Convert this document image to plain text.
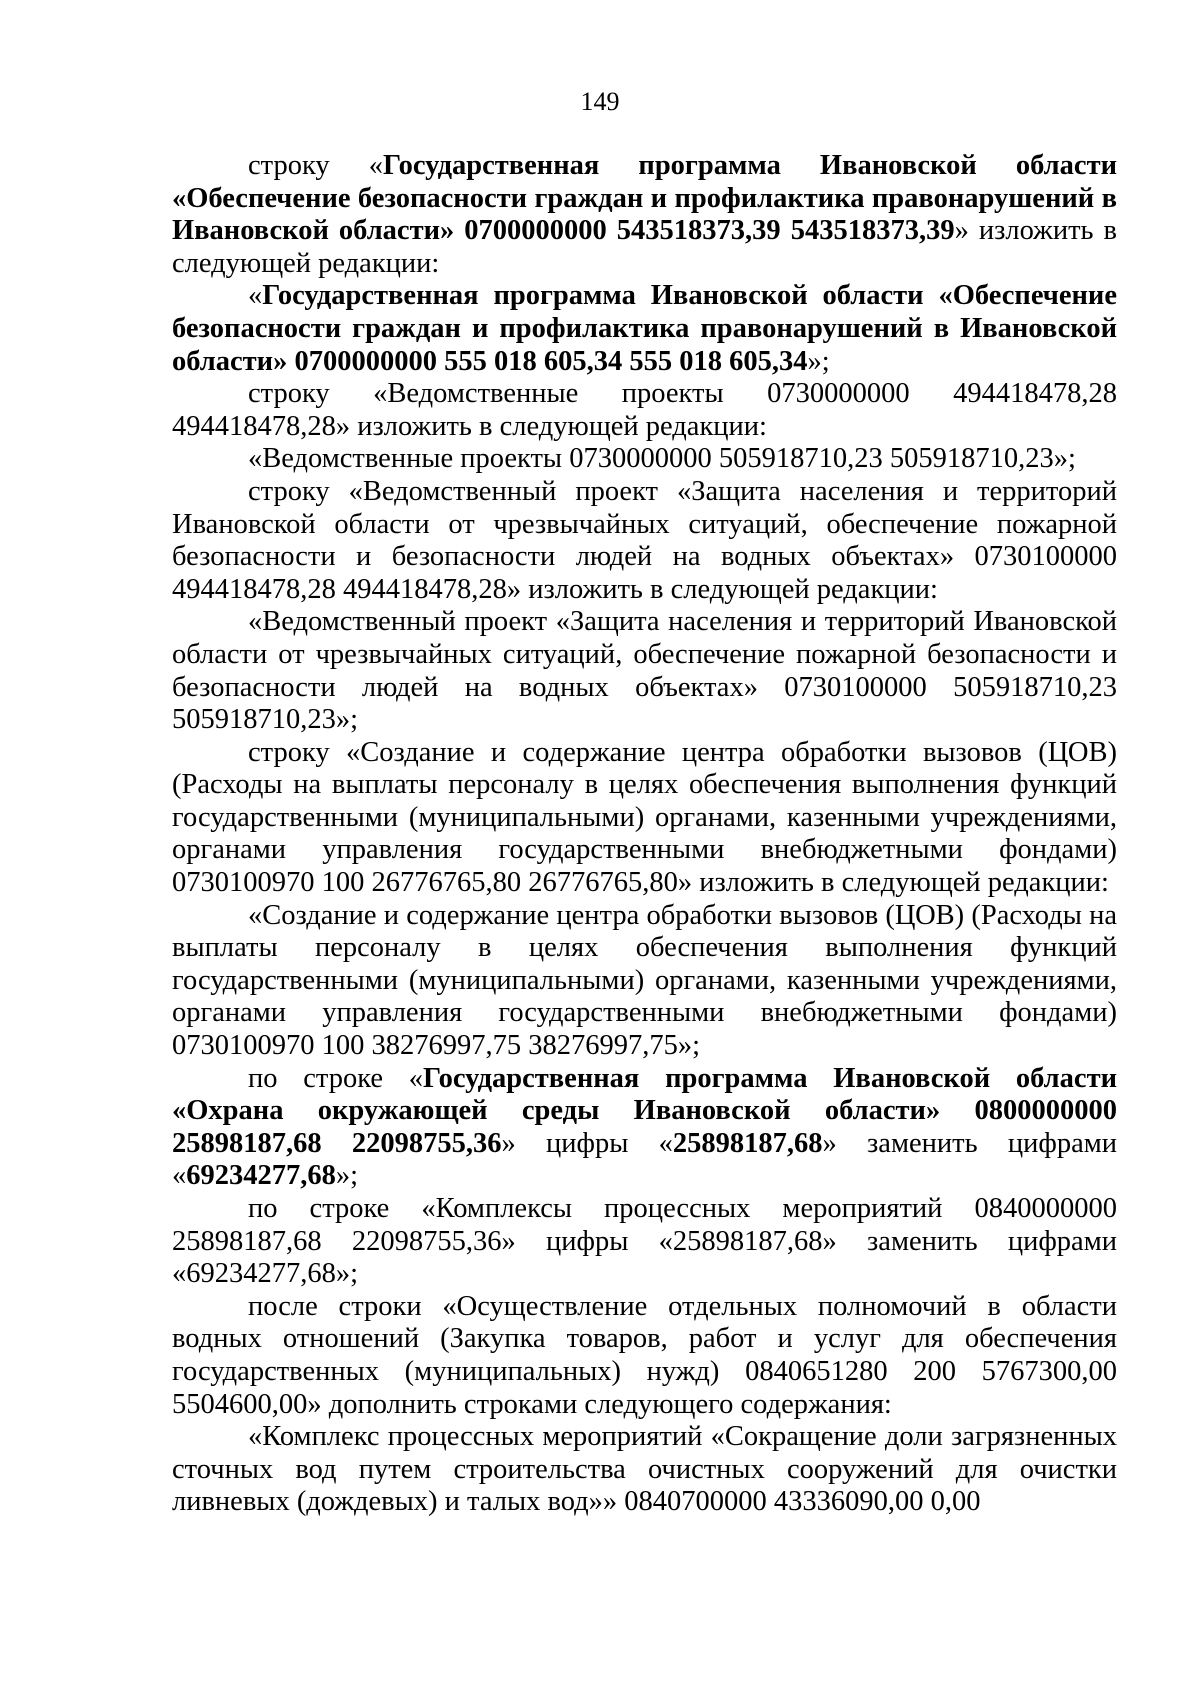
149

строку «Государственная программа Ивановской области «Обеспечение безопасности граждан и профилактика правонарушений в Ивановской области» 0700000000 543518373,39 543518373,39» изложить в следующей редакции:

«Государственная программа Ивановской области «Обеспечение безопасности граждан и профилактика правонарушений в Ивановской области» 0700000000 555 018 605,34 555 018 605,34»;

строку «Ведомственные проекты 0730000000 494418478,28 494418478,28» изложить в следующей редакции:

«Ведомственные проекты 0730000000 505918710,23 505918710,23»;

строку «Ведомственный проект «Защита населения и территорий Ивановской области от чрезвычайных ситуаций, обеспечение пожарной безопасности и безопасности людей на водных объектах» 0730100000 494418478,28 494418478,28» изложить в следующей редакции:

«Ведомственный проект «Защита населения и территорий Ивановской области от чрезвычайных ситуаций, обеспечение пожарной безопасности и безопасности людей на водных объектах» 0730100000 505918710,23 505918710,23»;

строку «Создание и содержание центра обработки вызовов (ЦОВ) (Расходы на выплаты персоналу в целях обеспечения выполнения функций государственными (муниципальными) органами, казенными учреждениями, органами управления государственными внебюджетными фондами) 0730100970 100 26776765,80 26776765,80» изложить в следующей редакции:

«Создание и содержание центра обработки вызовов (ЦОВ) (Расходы на выплаты персоналу в целях обеспечения выполнения функций государственными (муниципальными) органами, казенными учреждениями, органами управления государственными внебюджетными фондами) 0730100970 100 38276997,75 38276997,75»;

по строке «Государственная программа Ивановской области «Охрана окружающей среды Ивановской области» 0800000000 25898187,68 22098755,36» цифры «25898187,68» заменить цифрами «69234277,68»;

по строке «Комплексы процессных мероприятий 0840000000 25898187,68 22098755,36» цифры «25898187,68» заменить цифрами «69234277,68»;

после строки «Осуществление отдельных полномочий в области водных отношений (Закупка товаров, работ и услуг для обеспечения государственных (муниципальных) нужд) 0840651280 200 5767300,00 5504600,00» дополнить строками следующего содержания:

«Комплекс процессных мероприятий «Сокращение доли загрязненных сточных вод путем строительства очистных сооружений для очистки ливневых (дождевых) и талых вод»» 0840700000 43336090,00 0,00
